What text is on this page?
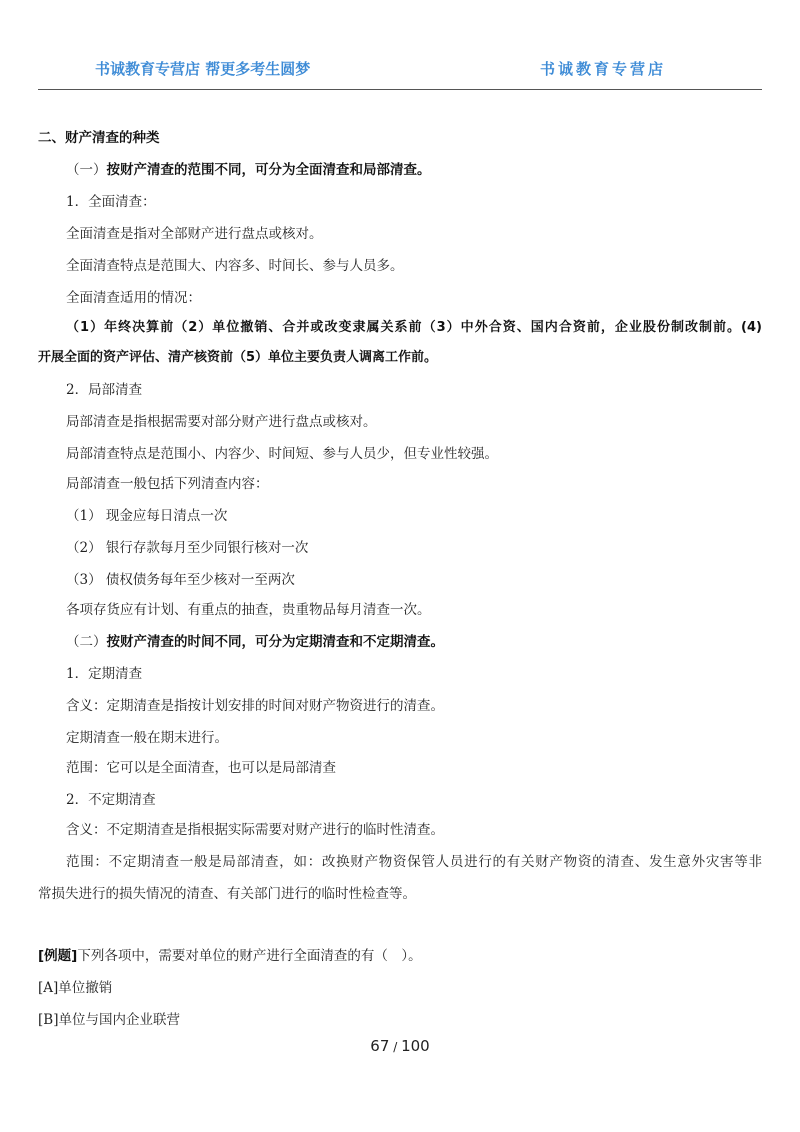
书诚教育专营店 帮更多考生圆梦	书诚教育专营店
二、财产清查的种类
（一）按财产清查的范围不同，可分为全面清查和局部清查。
1．全面清查：
全面清查是指对全部财产进行盘点或核对。
全面清查特点是范围大、内容多、时间长、参与人员多。
全面清查适用的情况：
（1）年终决算前（2）单位撤销、合并或改变隶属关系前（3）中外合资、国内合资前，企业股份制改制前。(4)
开展全面的资产评估、清产核资前（5）单位主要负责人调离工作前。
2．局部清查
局部清查是指根据需要对部分财产进行盘点或核对。
局部清查特点是范围小、内容少、时间短、参与人员少，但专业性较强。
局部清查一般包括下列清查内容：
（1） 现金应每日清点一次
（2） 银行存款每月至少同银行核对一次
（3） 债权债务每年至少核对一至两次
各项存货应有计划、有重点的抽查，贵重物品每月清查一次。
（二）按财产清查的时间不同，可分为定期清查和不定期清查。
1．定期清查
含义：定期清查是指按计划安排的时间对财产物资进行的清查。
定期清查一般在期末进行。
范围：它可以是全面清查，也可以是局部清查
2．不定期清查
含义：不定期清查是指根据实际需要对财产进行的临时性清查。
范围：不定期清查一般是局部清查，如：改换财产物资保管人员进行的有关财产物资的清查、发生意外灾害等非
常损失进行的损失情况的清查、有关部门进行的临时性检查等。
[例题]下列各项中，需要对单位的财产进行全面清查的有（　）。
[A]单位撤销
[B]单位与国内企业联营
67 / 100
